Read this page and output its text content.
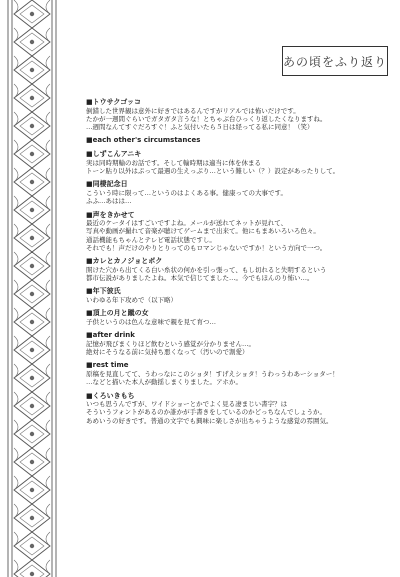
あの頃をふり返り
■トウサクゴッコ
倒錯した世界観は意外に好きではあるんですがリアルでは怖いだけです。
たかが一週間ぐらいでガタガタ言うな！とちゃぶ台ひっくり返したくなりますね。
…週間なんてすぐだろすぐ！ふと気付いたら５日は経ってる私に同意！（笑）
■each other's circumstances
■しずこんアニキ
実は同時期輸のお話です。そして輸時期は適当に体を休まる
トーン貼り以外はぷって最遇の生えっぷり…という難しい（？）設定があったりして。
■同棲記念日
こういう時に限って…というのはよくある事。健康っての大事です。
ふふ…あはは…
■声をきかせて
最近のケータイはすごいですよね。メールが送れてネットが見れて、
写真や動画が撮れて音楽が聴けてゲームまで出来て。他にもまあいろいろ色々。
通話機能もちゃんとテレビ電話状態ですし。
それでも！声だけのやりとりってのもロマンじゃないですか！という方向で一つ。
■カレとカノジョとボク
開けた穴から出てくる白い糸状の何かを引っ張って、もし切れると失明するという
都市伝説がありましたよね。本気で信じてました…。今でもほんのり怖い…。
■年下彼氏
いわゆる年下攻めで（以下略）
■頂上の月と蹴の女
子供というのは色んな意味で親を見て育つ…
■after drink
記憶が飛びまくりほど飲むという感覚が分かりません…。
絶対にそうなる前に気持ち悪くなって（汚いので割愛）
■rest time
原稿を見直してて、うわっなにこのショタ！すげえショタ！うわっうわあーショター！
…などと描いた本人が動揺しまくりました。アホか。
■くろいきもち
いつも思うんですが、ワイドショーとかでよく見る凄まじい書字？は
そういうフォントがあるのか誰かが手書きをしているのかどっちなんでしょうか。
あめいうの好きです。普通の文字でも興味に楽しさが出ちゃうような感覚の雰囲気。
